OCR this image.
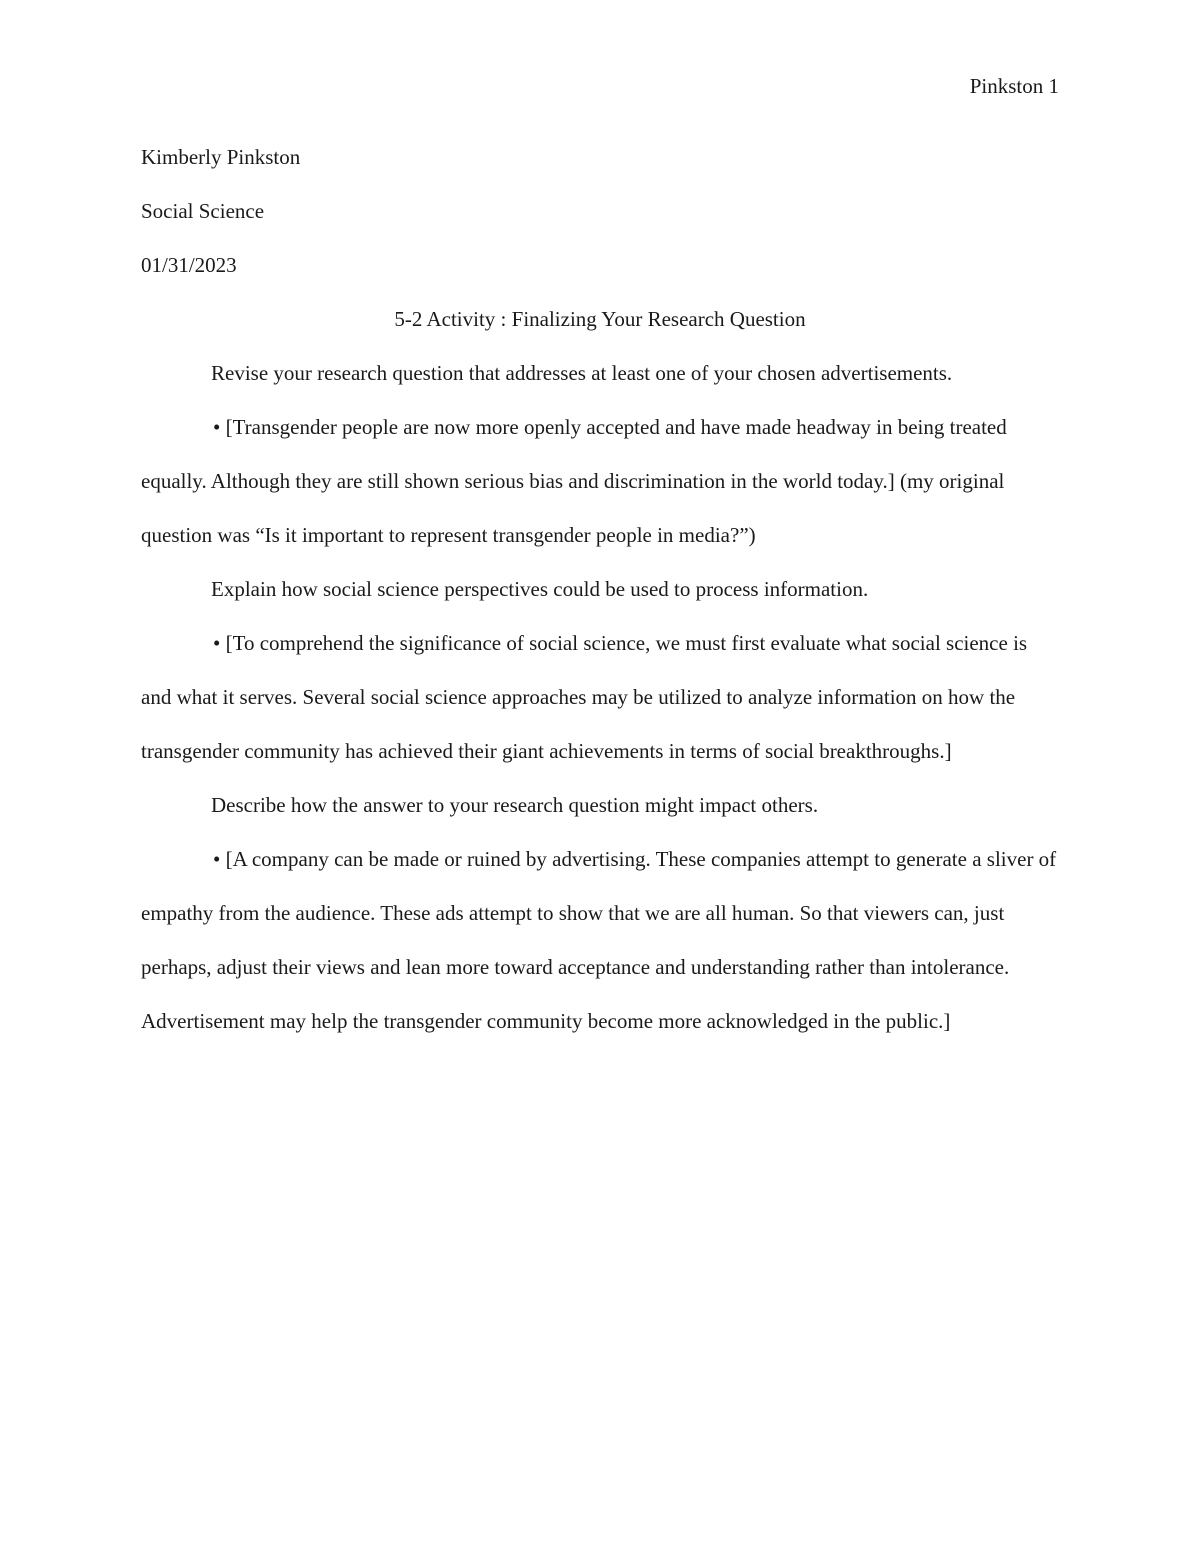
Pinkston 1

Kimberly Pinkston

Social Science

01/31/2023

5-2 Activity : Finalizing Your Research Question

Revise your research question that addresses at least one of your chosen advertisements.

• [Transgender people are now more openly accepted and have made headway in being treated equally. Although they are still shown serious bias and discrimination in the world today.] (my original question was “Is it important to represent transgender people in media?”)

Explain how social science perspectives could be used to process information.

• [To comprehend the significance of social science, we must first evaluate what social science is and what it serves. Several social science approaches may be utilized to analyze information on how the transgender community has achieved their giant achievements in terms of social breakthroughs.]

Describe how the answer to your research question might impact others.

• [A company can be made or ruined by advertising. These companies attempt to generate a sliver of empathy from the audience. These ads attempt to show that we are all human. So that viewers can, just perhaps, adjust their views and lean more toward acceptance and understanding rather than intolerance. Advertisement may help the transgender community become more acknowledged in the public.]
